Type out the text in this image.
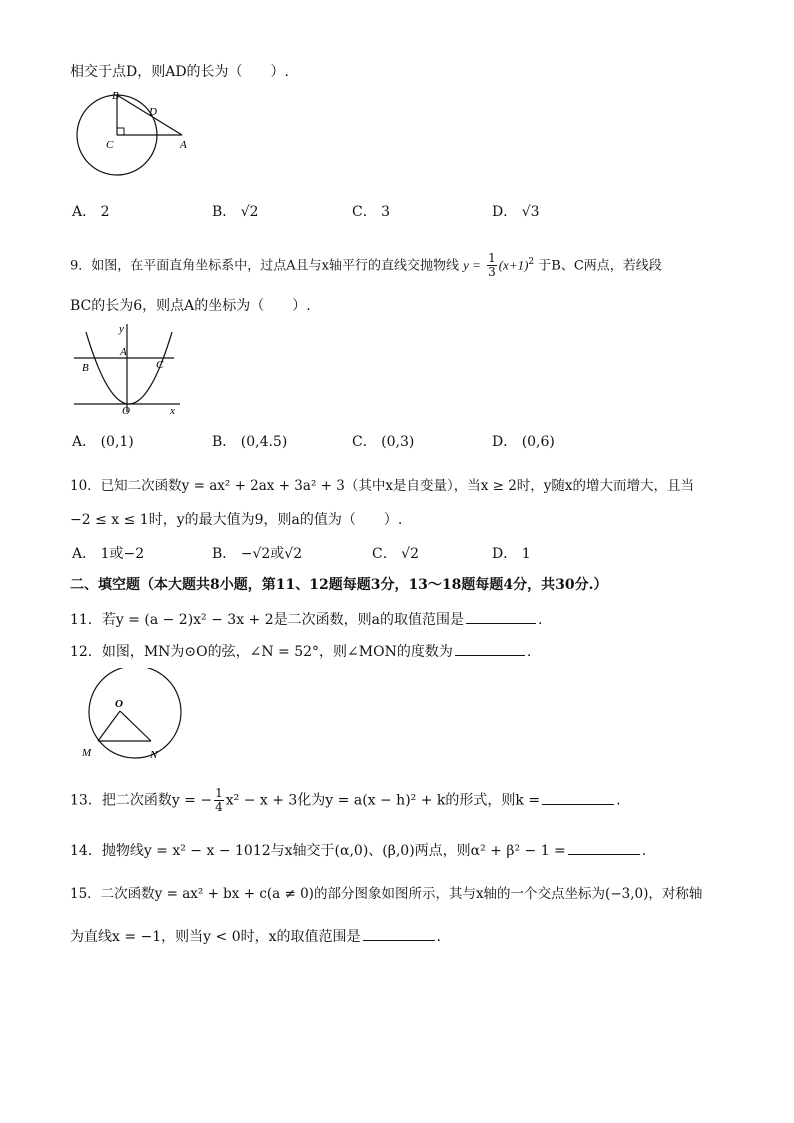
相交于点D，则AD的长为（　　）.
B
D
C	A
A． 2	B． √2	C． 3	D． √3
9．如图，在平面直角坐标系中，过点A且与x轴平行的直线交抛物线 $y = \frac{1}{3} (x+1)^2$ 于B、C两点，若线段
BC的长为6，则点A的坐标为（　　）.
y
A
B	C
O	x
A． (0,1)	B． (0,4.5)	C． (0,3)	D． (0,6)
10．已知二次函数y = ax² + 2ax + 3a² + 3（其中x是自变量），当x ≥ 2时，y随x的增大而增大，且当
−2 ≤ x ≤ 1时，y的最大值为9，则a的值为（　　）.
A． 1或−2	B． −√2或√2	C． √2	D． 1
二、填空题（本大题共8小题，第11、12题每题3分，13～18题每题4分，共30分.）
11．若y = (a − 2)x² − 3x + 2是二次函数，则a的取值范围是	.
12．如图，MN为⊙O的弦，∠N = 52°，则∠MON的度数为	.
O
M	N
13．把二次函数y = − $\frac{1}{4} x^2 - x + 3$化为y = a(x − h)² + k的形式，则k =	.
14．抛物线y = x² − x − 1012与x轴交于(α,0)、(β,0)两点，则α² + β² − 1 =	.
15．二次函数y = ax² + bx + c(a ≠ 0)的部分图象如图所示，其与x轴的一个交点坐标为(−3,0)，对称轴
为直线x = −1，则当y < 0时，x的取值范围是	.
